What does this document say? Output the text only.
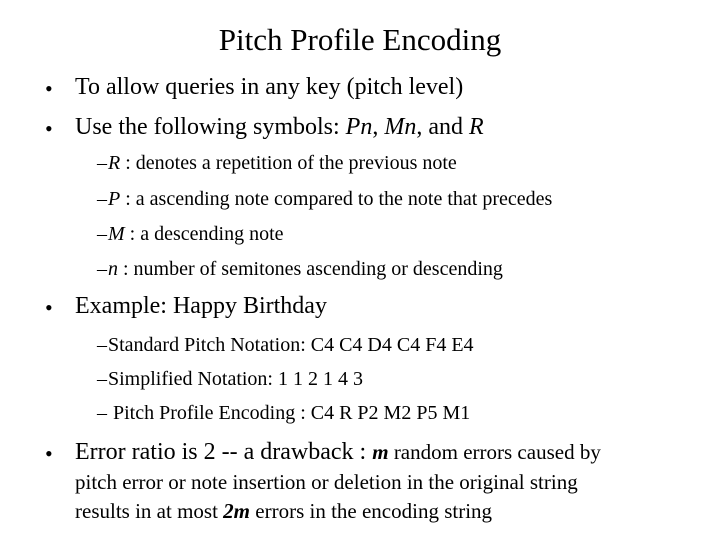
Pitch Profile Encoding
• To allow queries in any key (pitch level)
• Use the following symbols: Pn, Mn, and R
– R : denotes a repetition of the previous note
– P : a ascending note compared to the note that precedes
– M : a descending note
– n : number of semitones ascending or descending
• Example: Happy Birthday
– Standard Pitch Notation: C4 C4 D4 C4 F4 E4
– Simplified Notation: 1 1 2 1 4 3
– Pitch Profile Encoding : C4 R P2 M2 P5 M1
• Error ratio is 2 -- a drawback : m random errors caused by
pitch error or note insertion or deletion in the original string
results in at most 2m errors in the encoding string
